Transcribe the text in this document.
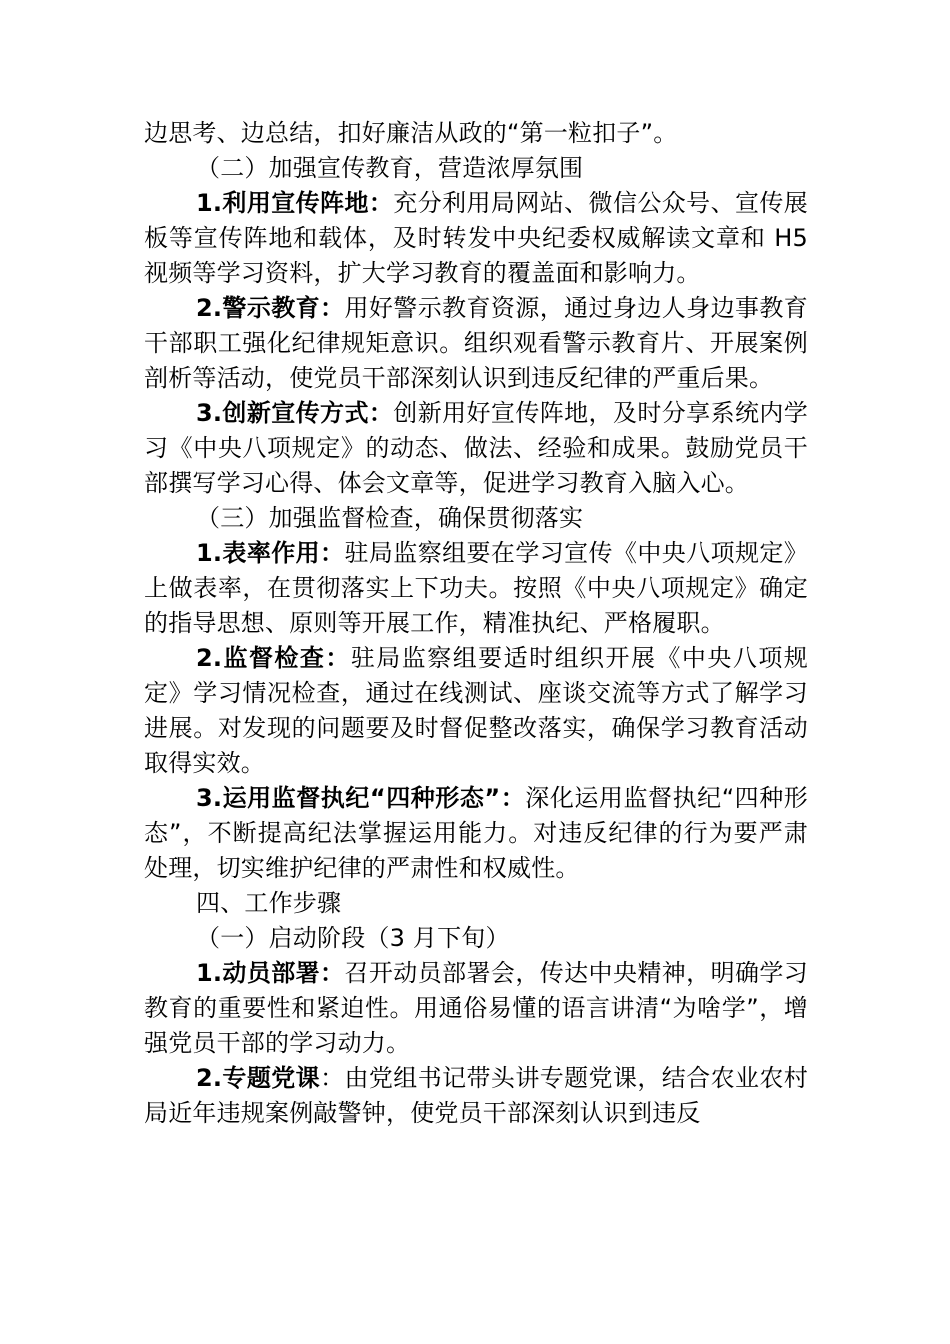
边思考、边总结，扣好廉洁从政的“第一粒扣子”。

（二）加强宣传教育，营造浓厚氛围

1.利用宣传阵地：充分利用局网站、微信公众号、宣传展板等宣传阵地和载体，及时转发中央纪委权威解读文章和 H5 视频等学习资料，扩大学习教育的覆盖面和影响力。

2.警示教育：用好警示教育资源，通过身边人身边事教育干部职工强化纪律规矩意识。组织观看警示教育片、开展案例剖析等活动，使党员干部深刻认识到违反纪律的严重后果。

3.创新宣传方式：创新用好宣传阵地，及时分享系统内学习《中央八项规定》的动态、做法、经验和成果。鼓励党员干部撰写学习心得、体会文章等，促进学习教育入脑入心。

（三）加强监督检查，确保贯彻落实

1.表率作用：驻局监察组要在学习宣传《中央八项规定》上做表率，在贯彻落实上下功夫。按照《中央八项规定》确定的指导思想、原则等开展工作，精准执纪、严格履职。

2.监督检查：驻局监察组要适时组织开展《中央八项规定》学习情况检查，通过在线测试、座谈交流等方式了解学习进展。对发现的问题要及时督促整改落实，确保学习教育活动取得实效。

3.运用监督执纪“四种形态”：深化运用监督执纪“四种形态”，不断提高纪法掌握运用能力。对违反纪律的行为要严肃处理，切实维护纪律的严肃性和权威性。

四、工作步骤

（一）启动阶段（3 月下旬）

1.动员部署：召开动员部署会，传达中央精神，明确学习教育的重要性和紧迫性。用通俗易懂的语言讲清“为啥学”，增强党员干部的学习动力。

2.专题党课：由党组书记带头讲专题党课，结合农业农村局近年违规案例敲警钟，使党员干部深刻认识到违反
